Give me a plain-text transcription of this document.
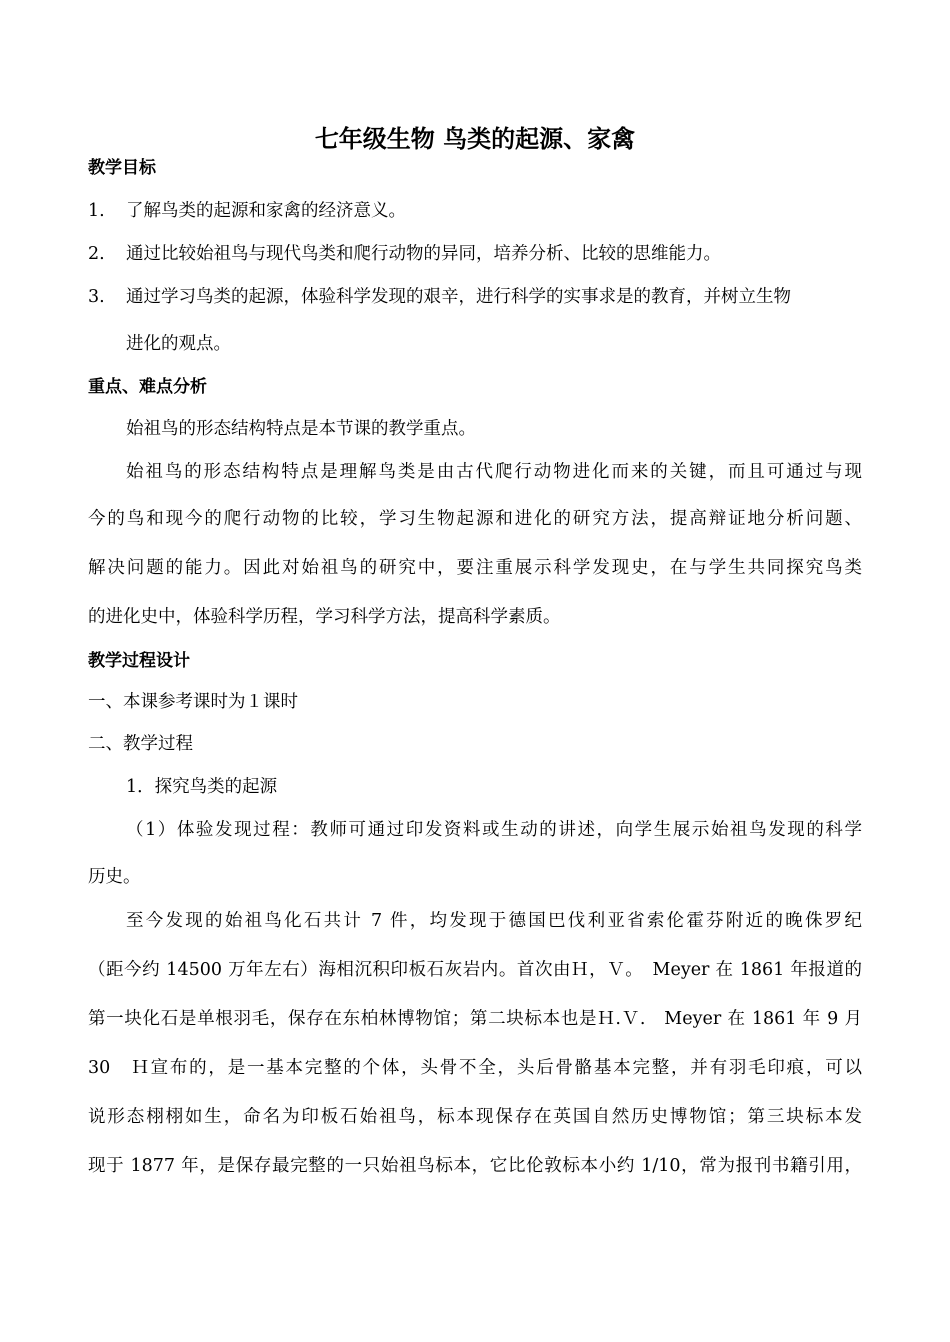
七年级生物 鸟类的起源、家禽
教学目标
1. 了解鸟类的起源和家禽的经济意义。
2. 通过比较始祖鸟与现代鸟类和爬行动物的异同，培养分析、比较的思维能力。
3. 通过学习鸟类的起源，体验科学发现的艰辛，进行科学的实事求是的教育，并树立生物
进化的观点。
重点、难点分析
始祖鸟的形态结构特点是本节课的教学重点。
始祖鸟的形态结构特点是理解鸟类是由古代爬行动物进化而来的关键，而且可通过与现
今的鸟和现今的爬行动物的比较，学习生物起源和进化的研究方法，提高辩证地分析问题、
解决问题的能力。因此对始祖鸟的研究中，要注重展示科学发现史，在与学生共同探究鸟类
的进化史中，体验科学历程，学习科学方法，提高科学素质。
教学过程设计
一、本课参考课时为１课时
二、教学过程
1．探究鸟类的起源
（1）体验发现过程：教师可通过印发资料或生动的讲述，向学生展示始祖鸟发现的科学
历史。
至今发现的始祖鸟化石共计 7 件，均发现于德国巴伐利亚省索伦霍芬附近的晚侏罗纪
（距今约 14500 万年左右）海相沉积印板石灰岩内。首次由Ｈ，Ｖ。　Meyer 在 1861 年报道的
第一块化石是单根羽毛，保存在东柏林博物馆；第二块标本也是Ｈ.Ｖ.　Meyer 在 1861 年 9 月
30　Ｈ宣布的，是一基本完整的个体，头骨不全，头后骨骼基本完整，并有羽毛印痕，可以
说形态栩栩如生，命名为印板石始祖鸟，标本现保存在英国自然历史博物馆；第三块标本发
现于 1877 年，是保存最完整的一只始祖鸟标本，它比伦敦标本小约 1/10，常为报刊书籍引用，
